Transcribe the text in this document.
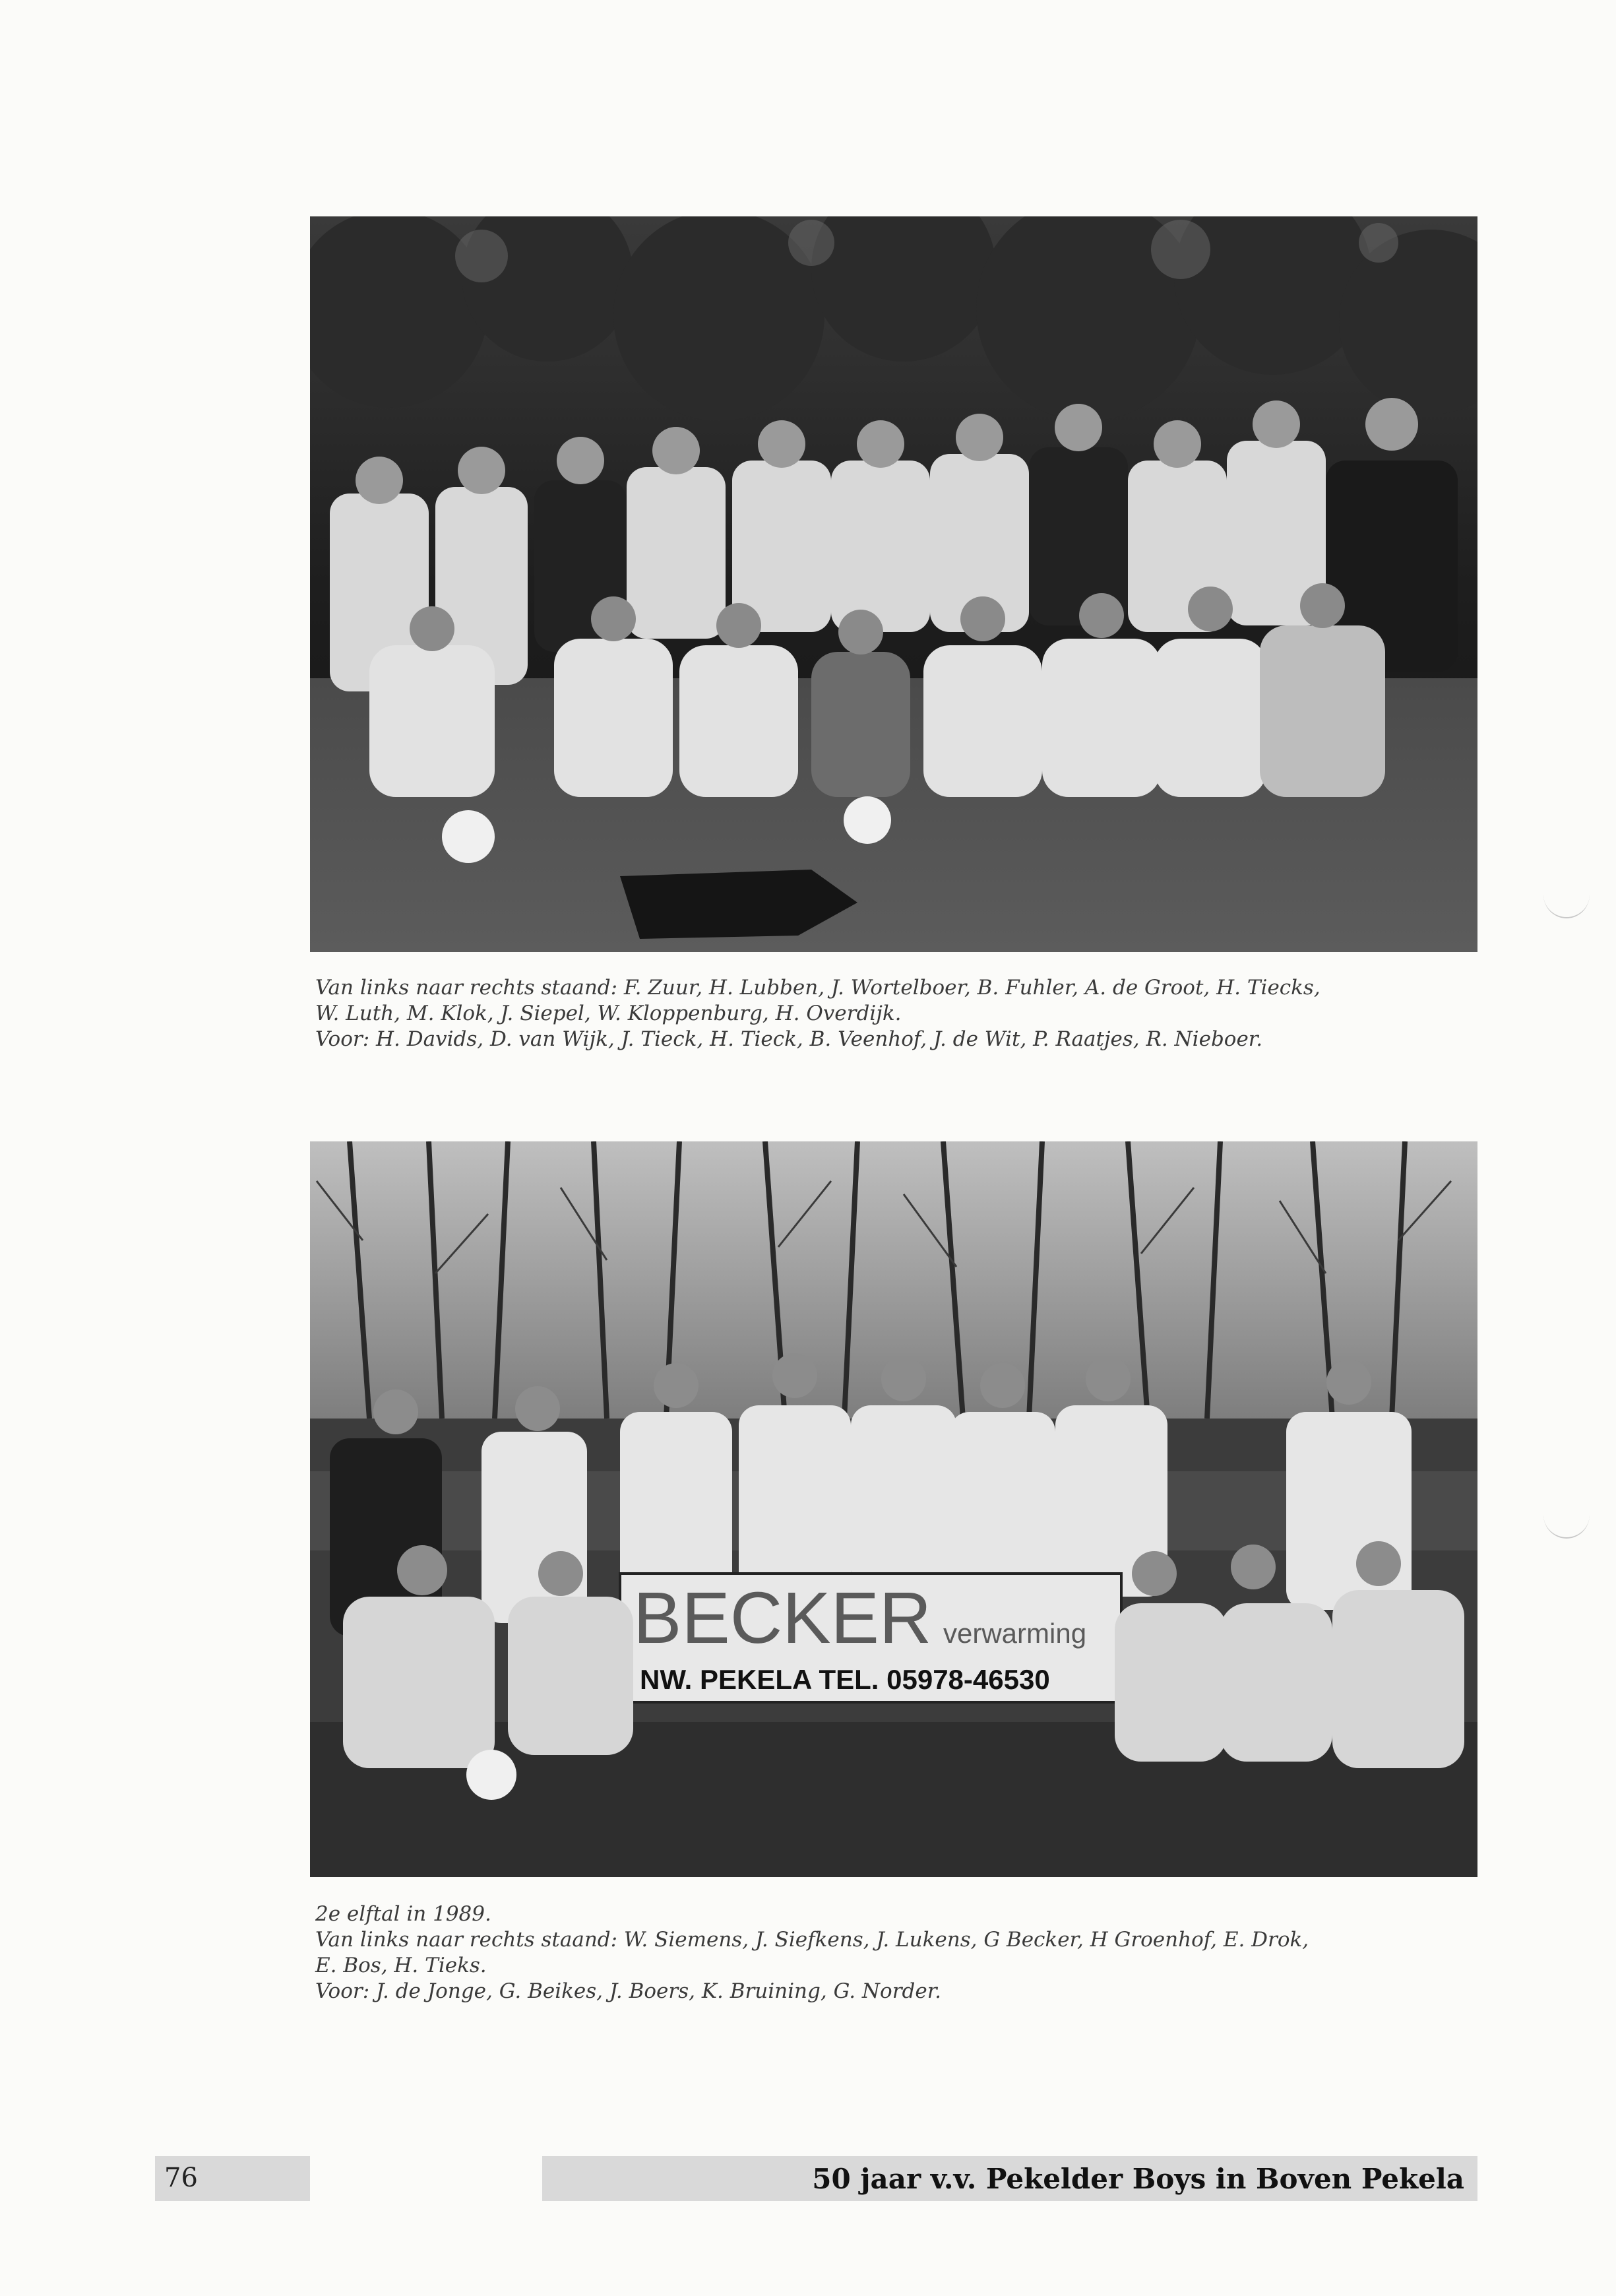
Van links naar rechts staand: F. Zuur, H. Lubben, J. Wortelboer, B. Fuhler, A. de Groot, H. Tiecks,
W. Luth, M. Klok, J. Siepel, W. Kloppenburg, H. Overdijk.
Voor: H. Davids, D. van Wijk, J. Tieck, H. Tieck, B. Veenhof, J. de Wit, P. Raatjes, R. Nieboer.
BECKER verwarming
NW. PEKELA TEL. 05978-46530
2e elftal in 1989.
Van links naar rechts staand: W. Siemens, J. Siefkens, J. Lukens, G Becker, H Groenhof, E. Drok,
E. Bos, H. Tieks.
Voor: J. de Jonge, G. Beikes, J. Boers, K. Bruining, G. Norder.
76	50 jaar v.v. Pekelder Boys in Boven Pekela
